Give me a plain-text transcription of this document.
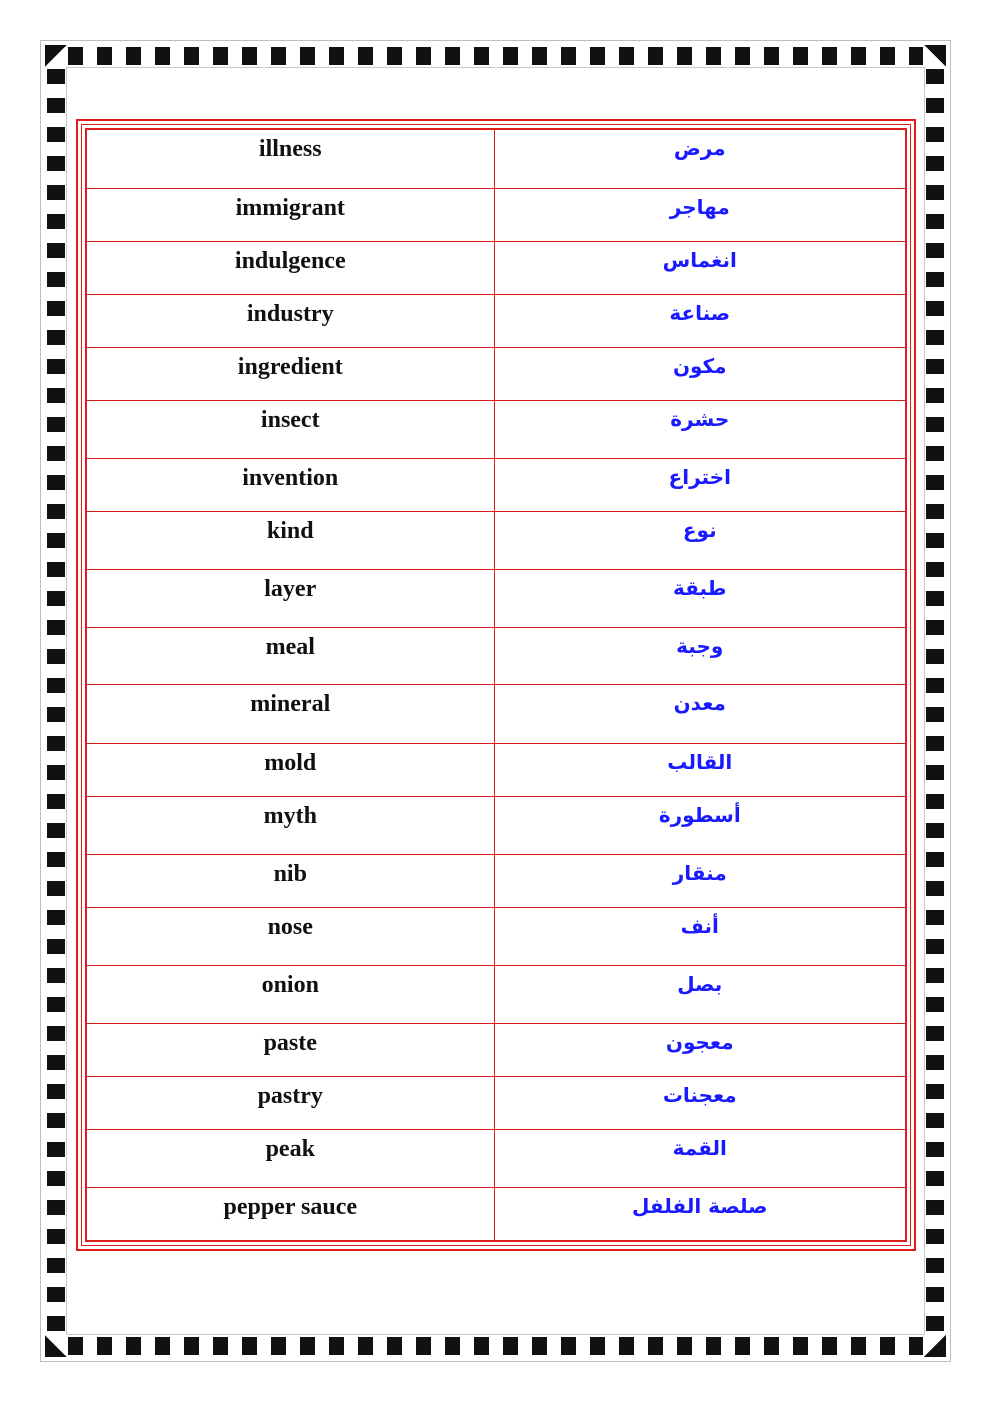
illness	مرض
immigrant	مهاجر
indulgence	انغماس
industry	صناعة
ingredient	مكون
insect	حشرة
invention	اختراع
kind	نوع
layer	طبقة
meal	وجبة
mineral	معدن
mold	القالب
myth	أسطورة
nib	منقار
nose	أنف
onion	بصل
paste	معجون
pastry	معجنات
peak	القمة
pepper sauce	صلصة الفلفل
